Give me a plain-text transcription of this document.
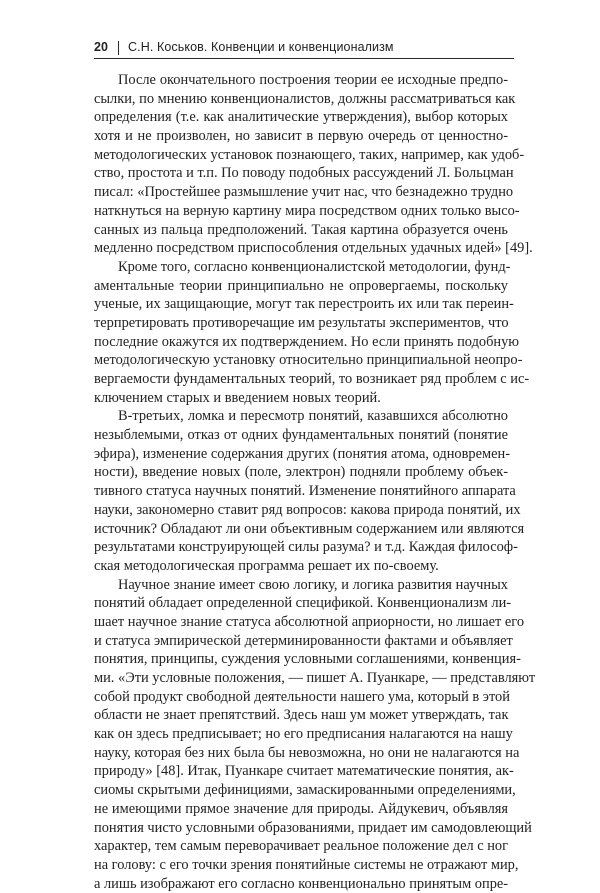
20 С.Н. Коськов. Конвенции и конвенционализм
После окончательного построения теории ее исходные предпо-
сылки, по мнению конвенционалистов, должны рассматриваться как
определения (т.е. как аналитические утверждения), выбор которых
хотя и не произволен, но зависит в первую очередь от ценностно-
методологических установок познающего, таких, например, как удоб-
ство, простота и т.п. По поводу подобных рассуждений Л. Больцман
писал: «Простейшее размышление учит нас, что безнадежно трудно
наткнуться на верную картину мира посредством одних только высо-
санных из пальца предположений. Такая картина образуется очень
медленно посредством приспособления отдельных удачных идей» [49].
Кроме того, согласно конвенционалистской методологии, фунд-
аментальные теории принципиально не опровергаемы, поскольку
ученые, их защищающие, могут так перестроить их или так переин-
терпретировать противоречащие им результаты экспериментов, что
последние окажутся их подтверждением. Но если принять подобную
методологическую установку относительно принципиальной неопро-
вергаемости фундаментальных теорий, то возникает ряд проблем с ис-
ключением старых и введением новых теорий.
В-третьих, ломка и пересмотр понятий, казавшихся абсолютно
незыблемыми, отказ от одних фундаментальных понятий (понятие
эфира), изменение содержания других (понятия атома, одновремен-
ности), введение новых (поле, электрон) подняли проблему объек-
тивного статуса научных понятий. Изменение понятийного аппарата
науки, закономерно ставит ряд вопросов: какова природа понятий, их
источник? Обладают ли они объективным содержанием или являются
результатами конструирующей силы разума? и т.д. Каждая философ-
ская методологическая программа решает их по-своему.
Научное знание имеет свою логику, и логика развития научных
понятий обладает определенной спецификой. Конвенционализм ли-
шает научное знание статуса абсолютной априорности, но лишает его
и статуса эмпирической детерминированности фактами и объявляет
понятия, принципы, суждения условными соглашениями, конвенция-
ми. «Эти условные положения, — пишет А. Пуанкаре, — представляют
собой продукт свободной деятельности нашего ума, который в этой
области не знает препятствий. Здесь наш ум может утверждать, так
как он здесь предписывает; но его предписания налагаются на нашу
науку, которая без них была бы невозможна, но они не налагаются на
природу» [48]. Итак, Пуанкаре считает математические понятия, ак-
сиомы скрытыми дефинициями, замаскированными определениями,
не имеющими прямое значение для природы. Айдукевич, объявляя
понятия чисто условными образованиями, придает им самодовлеющий
характер, тем самым переворачивает реальное положение дел с ног
на голову: с его точки зрения понятийные системы не отражают мир,
а лишь изображают его согласно конвенционально принятым опре-
